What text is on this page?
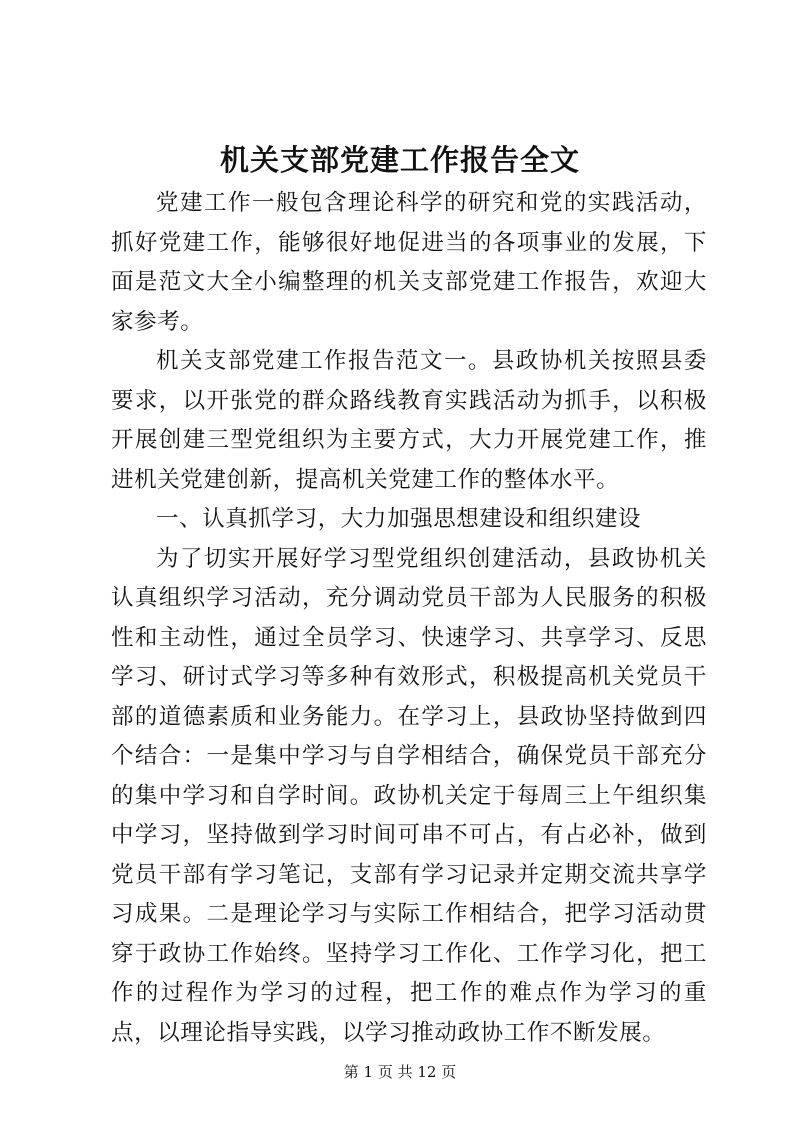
机关支部党建工作报告全文

党建工作一般包含理论科学的研究和党的实践活动，抓好党建工作，能够很好地促进当的各项事业的发展，下面是范文大全小编整理的机关支部党建工作报告，欢迎大家参考。

机关支部党建工作报告范文一。县政协机关按照县委要求，以开张党的群众路线教育实践活动为抓手，以积极开展创建三型党组织为主要方式，大力开展党建工作，推进机关党建创新，提高机关党建工作的整体水平。

一、认真抓学习，大力加强思想建设和组织建设

为了切实开展好学习型党组织创建活动，县政协机关认真组织学习活动，充分调动党员干部为人民服务的积极性和主动性，通过全员学习、快速学习、共享学习、反思学习、研讨式学习等多种有效形式，积极提高机关党员干部的道德素质和业务能力。在学习上，县政协坚持做到四个结合：一是集中学习与自学相结合，确保党员干部充分的集中学习和自学时间。政协机关定于每周三上午组织集中学习，坚持做到学习时间可串不可占，有占必补，做到党员干部有学习笔记，支部有学习记录并定期交流共享学习成果。二是理论学习与实际工作相结合，把学习活动贯穿于政协工作始终。坚持学习工作化、工作学习化，把工作的过程作为学习的过程，把工作的难点作为学习的重点，以理论指导实践，以学习推动政协工作不断发展。

第 1 页 共 12 页
